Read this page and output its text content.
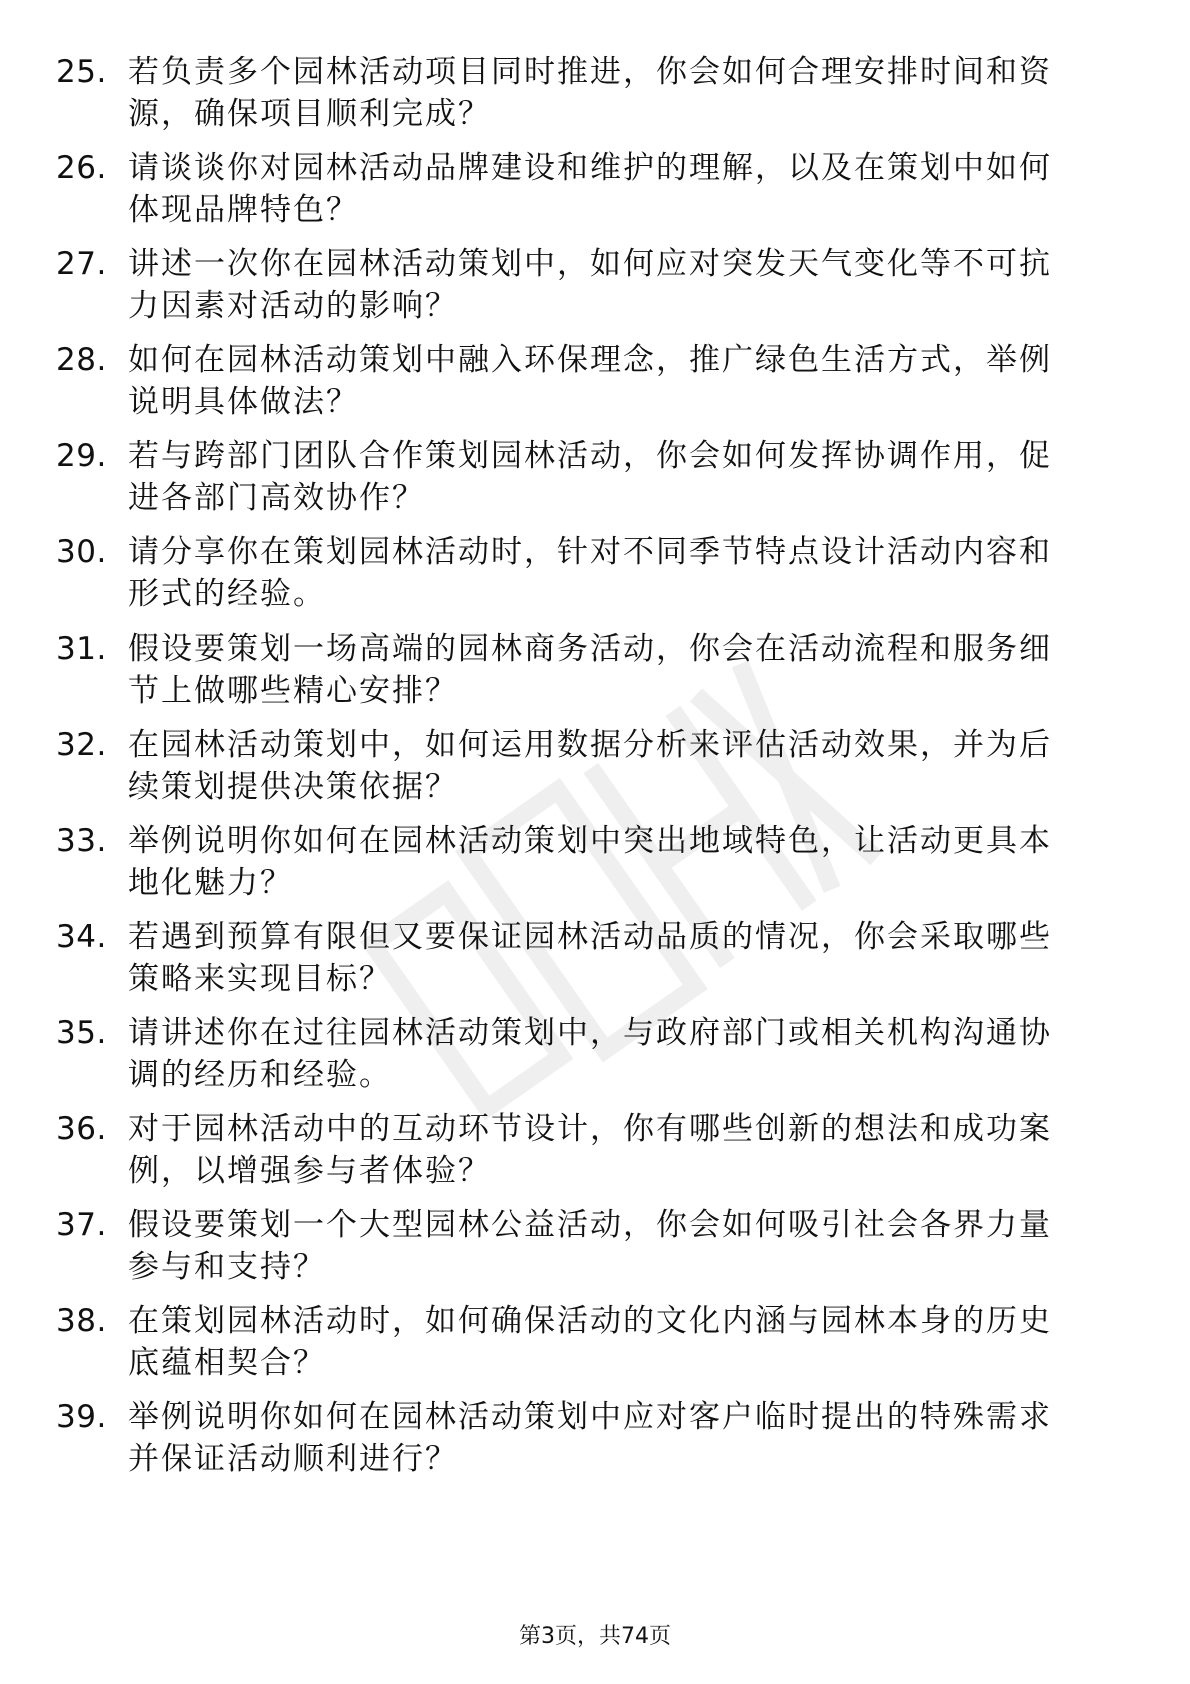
25. 若负责多个园林活动项目同时推进，你会如何合理安排时间和资
源，确保项目顺利完成？
26. 请谈谈你对园林活动品牌建设和维护的理解，以及在策划中如何
体现品牌特色？
27. 讲述一次你在园林活动策划中，如何应对突发天气变化等不可抗
力因素对活动的影响？
28. 如何在园林活动策划中融入环保理念，推广绿色生活方式，举例
说明具体做法？
29. 若与跨部门团队合作策划园林活动，你会如何发挥协调作用，促
进各部门高效协作？
30. 请分享你在策划园林活动时，针对不同季节特点设计活动内容和
形式的经验。
31. 假设要策划一场高端的园林商务活动，你会在活动流程和服务细
节上做哪些精心安排？
32. 在园林活动策划中，如何运用数据分析来评估活动效果，并为后
续策划提供决策依据？
33. 举例说明你如何在园林活动策划中突出地域特色，让活动更具本
地化魅力？
34. 若遇到预算有限但又要保证园林活动品质的情况，你会采取哪些
策略来实现目标？
35. 请讲述你在过往园林活动策划中，与政府部门或相关机构沟通协
调的经历和经验。
36. 对于园林活动中的互动环节设计，你有哪些创新的想法和成功案
例，以增强参与者体验？
37. 假设要策划一个大型园林公益活动，你会如何吸引社会各界力量
参与和支持？
38. 在策划园林活动时，如何确保活动的文化内涵与园林本身的历史
底蕴相契合？
39. 举例说明你如何在园林活动策划中应对客户临时提出的特殊需求
并保证活动顺利进行？
第3页，共74页
